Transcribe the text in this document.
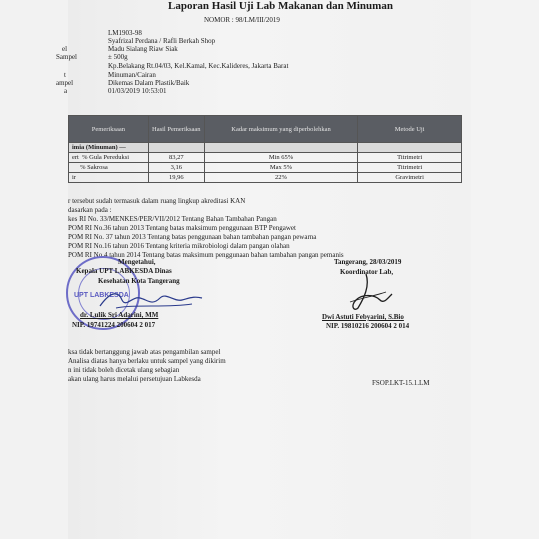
Laporan Hasil Uji Lab Makanan dan Minuman
NOMOR : 98/LM/III/2019
LM1903-98
Syafrizal Perdana / Rafli Berkah Shop
el	Madu Sialang Riaw Siak
Sampel	± 500g
Kp.Belakang Rt.04/03, Kel.Kamal, Kec.Kalideres, Jakarta Barat
t	Minuman/Cairan
ampel	Dikemas Dalam Plastik/Baik
a	01/03/2019 10:53:01
Pemeriksaan	Hasil Pemeriksaan	Kadar maksimum yang diperbolehkan	Metode Uji
imia (Minuman) —			
ert % Gula Pereduksi	83,27	Min 65%	Titrimetri
% Sakrosa	3,16	Max 5%	Titrimetri
ir	19,96	22%	Gravimetri
r tersebut sudah termasuk dalam ruang lingkup akreditasi KAN
dasarkan pada :
kes RI No. 33/MENKES/PER/VII/2012 Tentang Bahan Tambahan Pangan
POM RI No.36 tahun 2013 Tentang batas maksimum penggunaan BTP Pengawet
POM RI No. 37 tahun 2013 Tentang batas penggunaan bahan tambahan pangan pewarna
POM RI No.16 tahun 2016 Tentang kriteria mikrobiologi dalam pangan olahan
POM RI No.4 tahun 2014 Tentang batas maksimum penggunaan bahan tambahan pangan pemanis
UPT LABKESDA
Mengetahui,
Kepala UPT LABKESDA Dinas
Kesehatan Kota Tangerang
dr. Lulik Sri Adarini, MM
NIP. 19741224 200604 2 017
Tangerang, 28/03/2019
Koordinator Lab,
Dwi Astuti Febyarini, S.Bio
NIP. 19810216 200604 2 014
ksa tidak bertanggung jawab atas pengambilan sampel
Analisa diatas hanya berlaku untuk sampel yang dikirim
n ini tidak boleh dicetak ulang sebagian
akan ulang harus melalui persetujuan Labkesda	FSOP.LKT-15.1.LM
